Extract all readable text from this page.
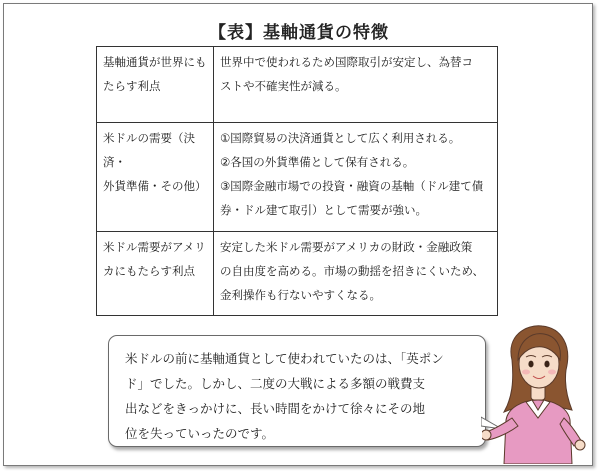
【表】基軸通貨の特徴
基軸通貨が世界にも
たらす利点	世界中で使われるため国際取引が安定し、為替コ
ストや不確実性が減る。

米ドルの需要（決済・
外貨準備・その他）	①国際貿易の決済通貨として広く利用される。
②各国の外貨準備として保有される。
③国際金融市場での投資・融資の基軸（ドル建て債
券・ドル建て取引）として需要が強い。

米ドル需要がアメリ
カにもたらす利点	安定した米ドル需要がアメリカの財政・金融政策
の自由度を高める。市場の動揺を招きにくいため、
金利操作も行ないやすくなる。
米ドルの前に基軸通貨として使われていたのは、「英ポン
ド」でした。しかし、二度の大戦による多額の戦費支
出などをきっかけに、長い時間をかけて徐々にその地
位を失っていったのです。
